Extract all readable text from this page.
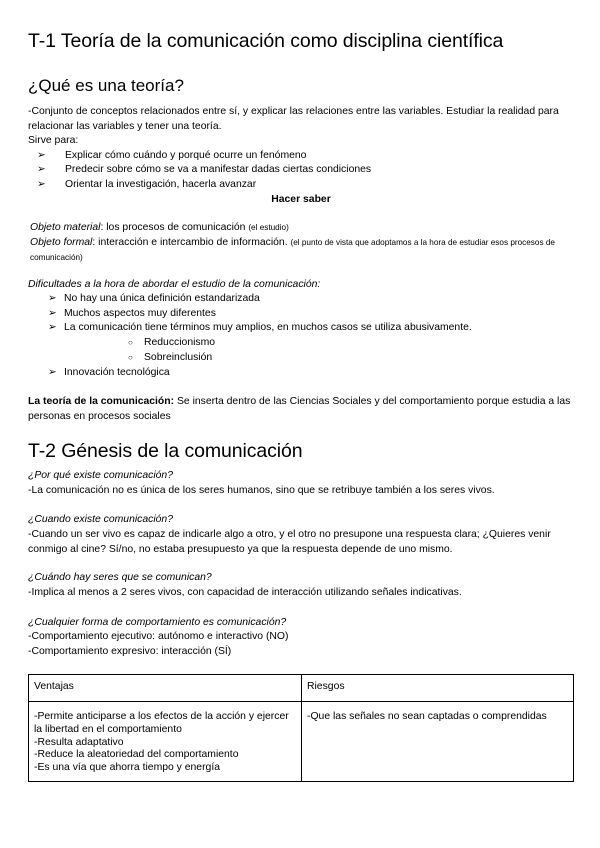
T-1 Teoría de la comunicación como disciplina científica
¿Qué es una teoría?

-Conjunto de conceptos relacionados entre sí, y explicar las relaciones entre las variables. Estudiar la realidad para relacionar las variables y tener una teoría.

Sirve para:

➢ Explicar cómo cuándo y porqué ocurre un fenómeno
➢ Predecir sobre cómo se va a manifestar dadas ciertas condiciones
➢ Orientar la investigación, hacerla avanzar

Hacer saber

Objeto material: los procesos de comunicación (el estudio)

Objeto formal: interacción e intercambio de información. (el punto de vista que adoptamos a la hora de estudiar esos procesos de comunicación)

Dificultades a la hora de abordar el estudio de la comunicación:

➢ No hay una única definición estandarizada
➢ Muchos aspectos muy diferentes
➢ La comunicación tiene términos muy amplios, en muchos casos se utiliza abusivamente.
○ Reduccionismo
○ Sobreinclusión
➢ Innovación tecnológica

La teoría de la comunicación: Se inserta dentro de las Ciencias Sociales y del comportamiento porque estudia a las personas en procesos sociales

T-2 Génesis de la comunicación

¿Por qué existe comunicación?

-La comunicación no es única de los seres humanos, sino que se retribuye también a los seres vivos.

¿Cuando existe comunicación?

-Cuando un ser vivo es capaz de indicarle algo a otro, y el otro no presupone una respuesta clara; ¿Quieres venir conmigo al cine? Sí/no, no estaba presupuesto ya que la respuesta depende de uno mismo.

¿Cuándo hay seres que se comunican?

-Implica al menos a 2 seres vivos, con capacidad de interacción utilizando señales indicativas.

¿Cualquier forma de comportamiento es comunicación?

-Comportamiento ejecutivo: autónomo e interactivo (NO)

-Comportamiento expresivo: interacción (SÍ)

Ventajas	Riesgos

-Permite anticiparse a los efectos de la acción y ejercer la libertad en el comportamiento
-Resulta adaptativo
-Reduce la aleatoriedad del comportamiento
-Es una vía que ahorra tiempo y energía	-Que las señales no sean captadas o comprendidas
